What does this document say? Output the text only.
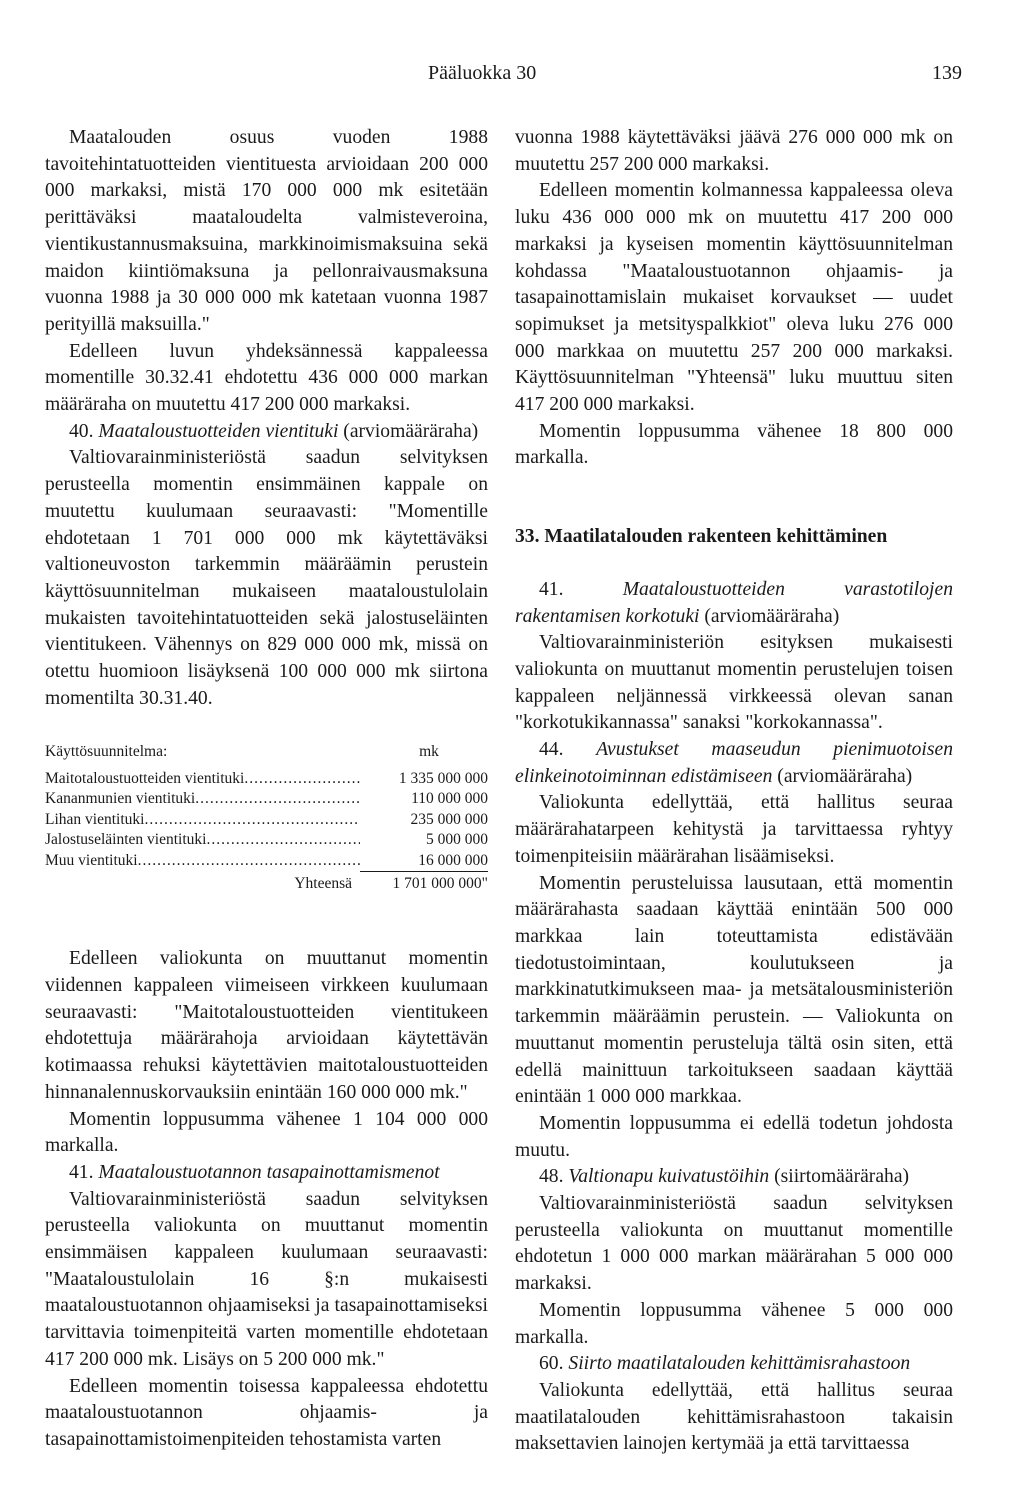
Pääluokka 30	139

Maatalouden osuus vuoden 1988 tavoitehintatuotteiden vientituesta arvioidaan 200 000 000 markaksi, mistä 170 000 000 mk esitetään perittäväksi maataloudelta valmisteveroina, vientikustannusmaksuina, markkinoimismaksuina sekä maidon kiintiömaksuna ja pellonraivausmaksuna vuonna 1988 ja 30 000 000 mk katetaan vuonna 1987 perityillä maksuilla."

Edelleen luvun yhdeksännessä kappaleessa momentille 30.32.41 ehdotettu 436 000 000 markan määräraha on muutettu 417 200 000 markaksi.

40. Maataloustuotteiden vientituki (arviomääräraha)

Valtiovarainministeriöstä saadun selvityksen perusteella momentin ensimmäinen kappale on muutettu kuulumaan seuraavasti: "Momentille ehdotetaan 1 701 000 000 mk käytettäväksi valtioneuvoston tarkemmin määräämin perustein käyttösuunnitelman mukaiseen maataloustulolain mukaisten tavoitehintatuotteiden sekä jalostuseläinten vientitukeen. Vähennys on 829 000 000 mk, missä on otettu huomioon lisäyksenä 100 000 000 mk siirtona momentilta 30.31.40.

Käyttösuunnitelma:	mk
Maitotaloustuotteiden vientituki .....	1 335 000 000
Kananmunien vientituki .....	110 000 000
Lihan vientituki .....	235 000 000
Jalostuseläinten vientituki .....	5 000 000
Muu vientituki .....	16 000 000
Yhteensä	1 701 000 000"

Edelleen valiokunta on muuttanut momentin viidennen kappaleen viimeiseen virkkeen kuulumaan seuraavasti: "Maitotaloustuotteiden vientitukeen ehdotettuja määrärahoja arvioidaan käytettävän kotimaassa rehuksi käytettävien maitotaloustuotteiden hinnanalennuskorvauksiin enintään 160 000 000 mk."

Momentin loppusumma vähenee 1 104 000 000 markalla.

41. Maataloustuotannon tasapainottamismenot

Valtiovarainministeriöstä saadun selvityksen perusteella valiokunta on muuttanut momentin ensimmäisen kappaleen kuulumaan seuraavasti: "Maataloustulolain 16 §:n mukaisesti maataloustuotannon ohjaamiseksi ja tasapainottamiseksi tarvittavia toimenpiteitä varten momentille ehdotetaan 417 200 000 mk. Lisäys on 5 200 000 mk."

Edelleen momentin toisessa kappaleessa ehdotettu maataloustuotannon ohjaamis- ja tasapainottamistoimenpiteiden tehostamista varten

vuonna 1988 käytettäväksi jäävä 276 000 000 mk on muutettu 257 200 000 markaksi.

Edelleen momentin kolmannessa kappaleessa oleva luku 436 000 000 mk on muutettu 417 200 000 markaksi ja kyseisen momentin käyttösuunnitelman kohdassa "Maataloustuotannon ohjaamis- ja tasapainottamislain mukaiset korvaukset — uudet sopimukset ja metsityspalkkiot" oleva luku 276 000 000 markkaa on muutettu 257 200 000 markaksi. Käyttösuunnitelman "Yhteensä" luku muuttuu siten 417 200 000 markaksi.

Momentin loppusumma vähenee 18 800 000 markalla.

33. Maatilatalouden rakenteen kehittäminen

41.	Maataloustuotteiden varastotilojen rakentamisen korkotuki (arviomääräraha)

Valtiovarainministeriön esityksen mukaisesti valiokunta on muuttanut momentin perustelujen toisen kappaleen neljännessä virkkeessä olevan sanan "korkotukikannassa" sanaksi "korkokannassa".

44. Avustukset maaseudun pienimuotoisen elinkeinotoiminnan edistämiseen (arviomääräraha)

Valiokunta edellyttää, että hallitus seuraa määrärahatarpeen kehitystä ja tarvittaessa ryhtyy toimenpiteisiin määrärahan lisäämiseksi.

Momentin perusteluissa lausutaan, että momentin määrärahasta saadaan käyttää enintään 500 000 markkaa lain toteuttamista edistävään tiedotustoimintaan, koulutukseen ja markkinatutkimukseen maa- ja metsätalousministeriön tarkemmin määräämin perustein. — Valiokunta on muuttanut momentin perusteluja tältä osin siten, että edellä mainittuun tarkoitukseen saadaan käyttää enintään 1 000 000 markkaa.

Momentin loppusumma ei edellä todetun johdosta muutu.

48. Valtionapu kuivatustöihin (siirtomääräraha)

Valtiovarainministeriöstä saadun selvityksen perusteella valiokunta on muuttanut momentille ehdotetun 1 000 000 markan määrärahan 5 000 000 markaksi.

Momentin loppusumma vähenee 5 000 000 markalla.

60. Siirto maatilatalouden kehittämisrahastoon

Valiokunta edellyttää, että hallitus seuraa maatilatalouden kehittämisrahastoon takaisin maksettavien lainojen kertymää ja että tarvittaessa
